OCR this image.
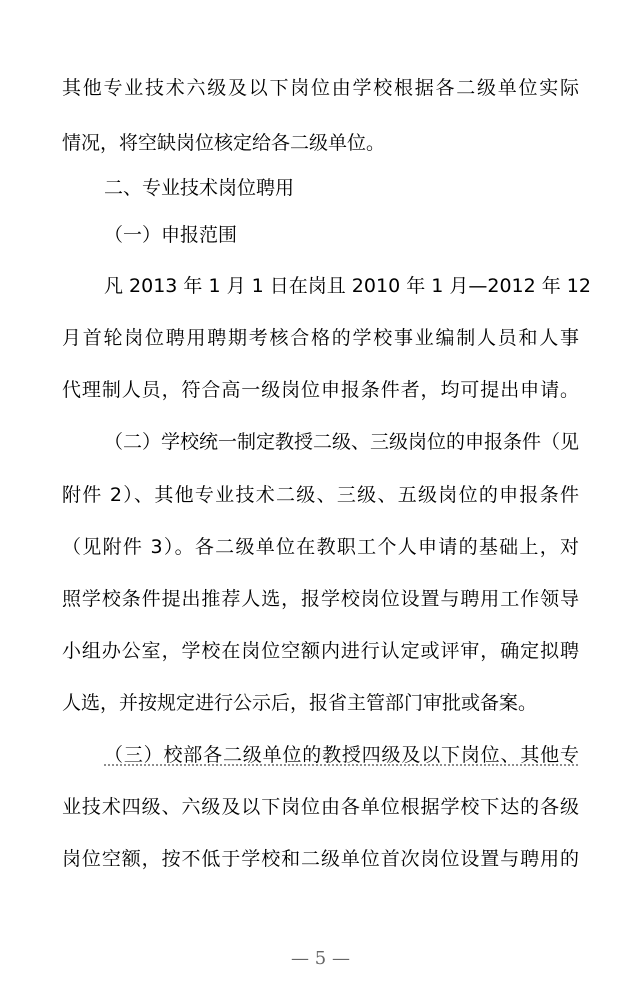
其他专业技术六级及以下岗位由学校根据各二级单位实际
情况，将空缺岗位核定给各二级单位。
二、专业技术岗位聘用
（一）申报范围
凡 2013 年 1 月 1 日在岗且 2010 年 1 月—2012 年 12
月首轮岗位聘用聘期考核合格的学校事业编制人员和人事
代理制人员，符合高一级岗位申报条件者，均可提出申请。
（二）学校统一制定教授二级、三级岗位的申报条件（见
附件 2）、其他专业技术二级、三级、五级岗位的申报条件
（见附件 3）。各二级单位在教职工个人申请的基础上，对
照学校条件提出推荐人选，报学校岗位设置与聘用工作领导
小组办公室，学校在岗位空额内进行认定或评审，确定拟聘
人选，并按规定进行公示后，报省主管部门审批或备案。
（三）校部各二级单位的教授四级及以下岗位、其他专
业技术四级、六级及以下岗位由各单位根据学校下达的各级
岗位空额，按不低于学校和二级单位首次岗位设置与聘用的
— 5 —
